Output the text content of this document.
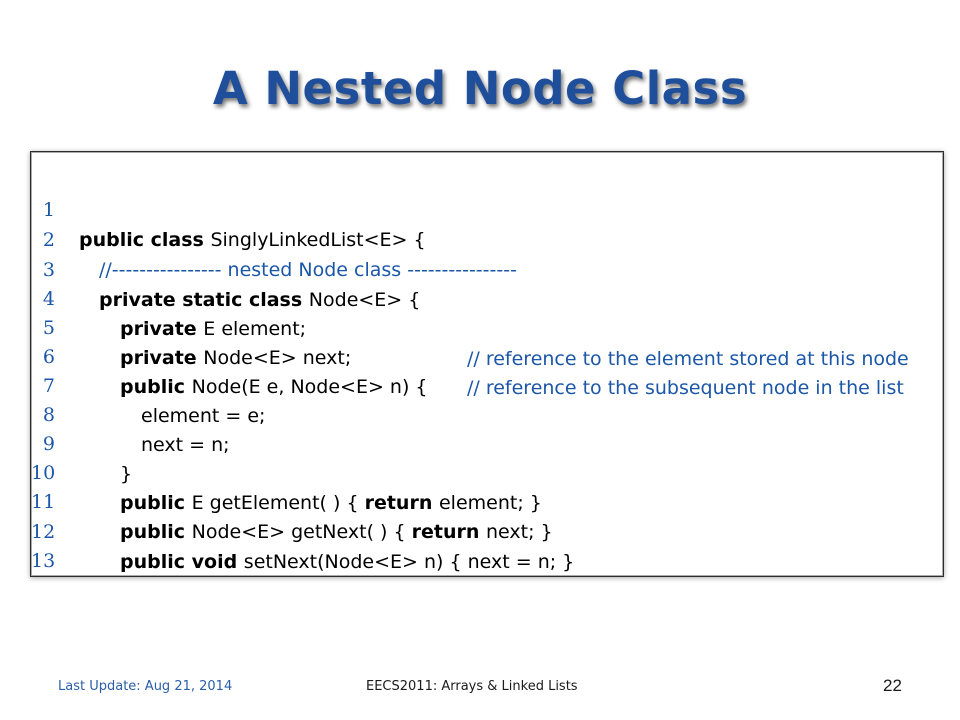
A Nested Node Class

1

public class SinglyLinkedList<E> {

2

//---------------- nested Node class ----------------

3

private static class Node<E> {

4

private E element;

// reference to the element stored at this node

5

private Node<E> next;

// reference to the subsequent node in the list

6

public Node(E e, Node<E> n) {

7

element = e;

8

next = n;

9

}

10

public E getElement( ) { return element; }

11

public Node<E> getNext( ) { return next; }

12

public void setNext(Node<E> n) { next = n; }

13

Last Update: Aug 21, 2014	EECS2011: Arrays & Linked Lists	22
